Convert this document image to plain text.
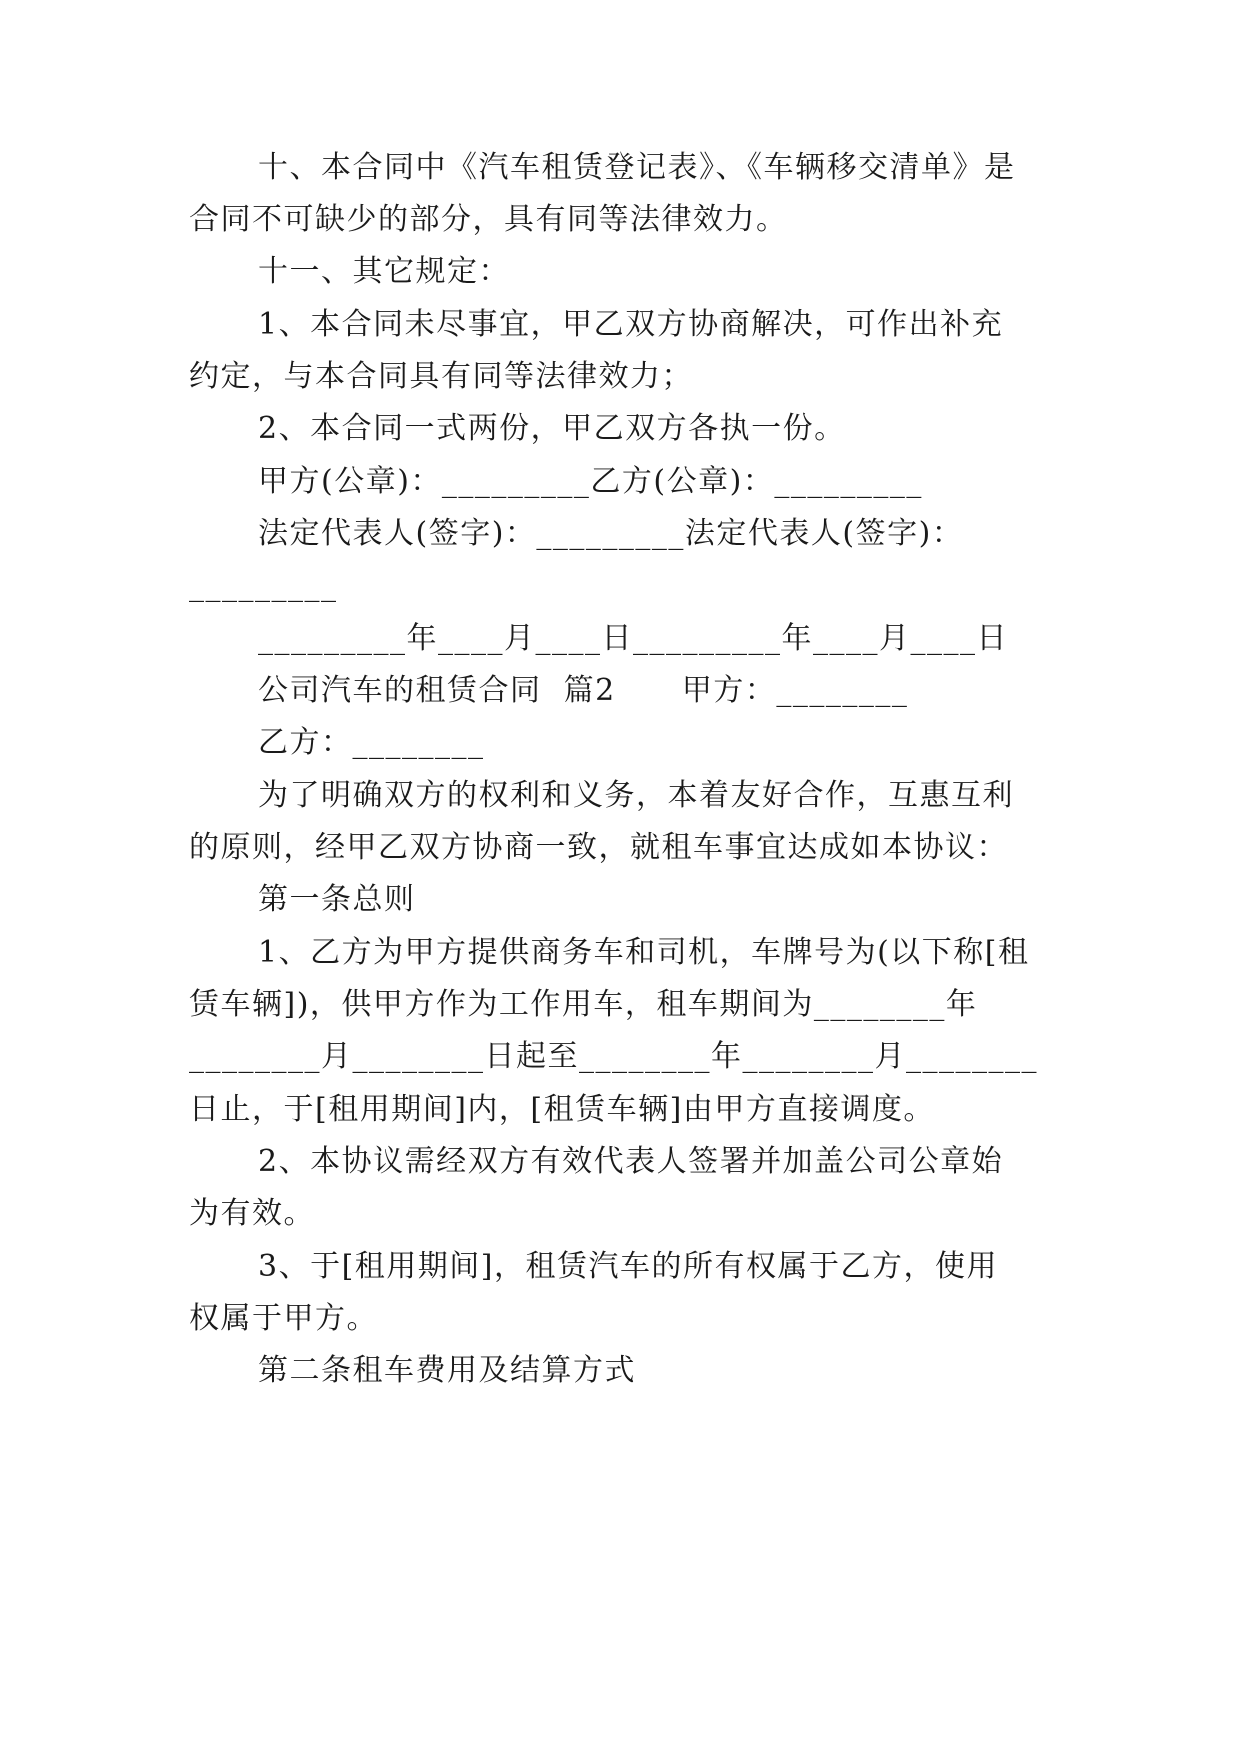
十、本合同中《汽车租赁登记表》、《车辆移交清单》是
合同不可缺少的部分，具有同等法律效力。
十一、其它规定：
1、本合同未尽事宜，甲乙双方协商解决，可作出补充
约定，与本合同具有同等法律效力；
2、本合同一式两份，甲乙双方各执一份。
甲方(公章)：_________乙方(公章)：_________
法定代表人(签字)：_________法定代表人(签字)：
_________
_________年____月____日_________年____月____日
公司汽车的租赁合同  篇2      甲方：________
乙方：________
为了明确双方的权利和义务，本着友好合作，互惠互利
的原则，经甲乙双方协商一致，就租车事宜达成如本协议：
第一条总则
1、乙方为甲方提供商务车和司机，车牌号为(以下称[租
赁车辆])，供甲方作为工作用车，租车期间为________年
________月________日起至________年________月________
日止，于[租用期间]内，[租赁车辆]由甲方直接调度。
2、本协议需经双方有效代表人签署并加盖公司公章始
为有效。
3、于[租用期间]，租赁汽车的所有权属于乙方，使用
权属于甲方。
第二条租车费用及结算方式
